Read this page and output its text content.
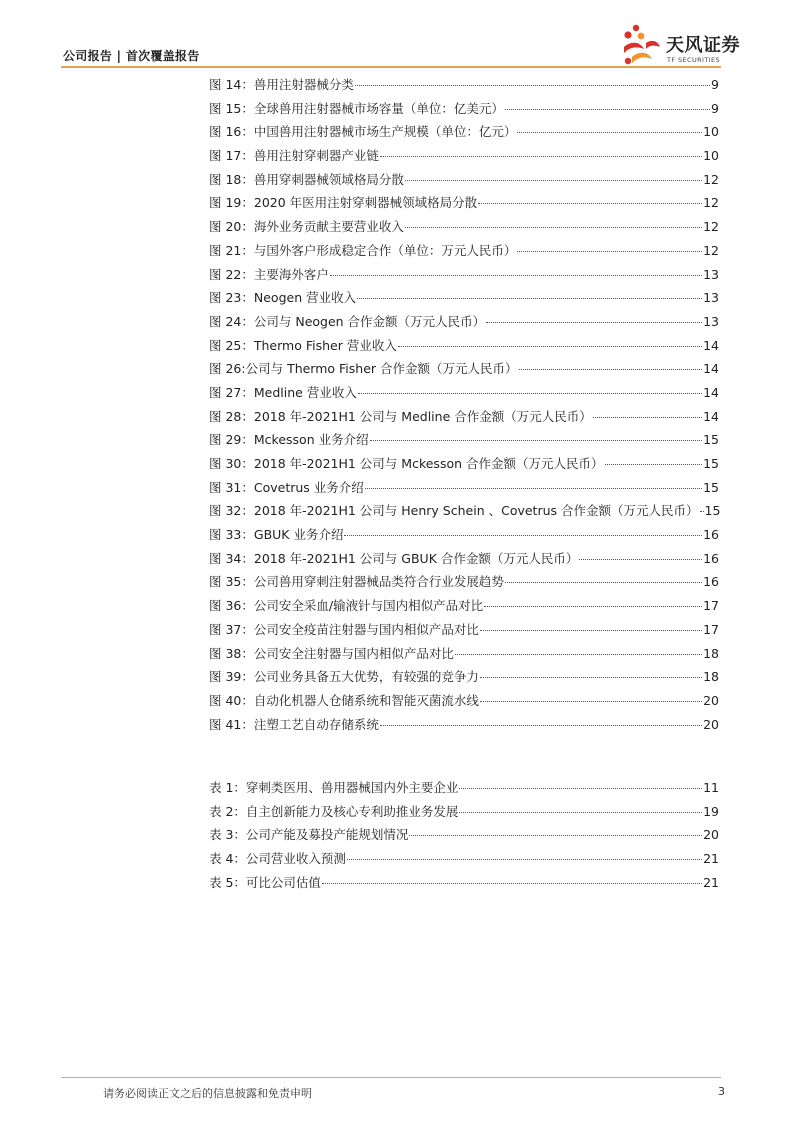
公司报告 | 首次覆盖报告	天风证券
TF SECURITIES
图 14：兽用注射器械分类	9
图 15：全球兽用注射器械市场容量（单位：亿美元）	9
图 16：中国兽用注射器械市场生产规模（单位：亿元）	10
图 17：兽用注射穿刺器产业链	10
图 18：兽用穿刺器械领域格局分散	12
图 19：2020 年医用注射穿刺器械领域格局分散	12
图 20：海外业务贡献主要营业收入	12
图 21：与国外客户形成稳定合作（单位：万元人民币）	12
图 22：主要海外客户	13
图 23：Neogen 营业收入	13
图 24：公司与 Neogen 合作金额（万元人民币）	13
图 25：Thermo Fisher 营业收入	14
图 26:公司与 Thermo Fisher 合作金额（万元人民币）	14
图 27：Medline 营业收入	14
图 28：2018 年-2021H1 公司与 Medline 合作金额（万元人民币）	14
图 29：Mckesson 业务介绍	15
图 30：2018 年-2021H1 公司与 Mckesson 合作金额（万元人民币）	15
图 31：Covetrus 业务介绍	15
图 32：2018 年-2021H1 公司与 Henry Schein 、Covetrus 合作金额（万元人民币） 15
图 33：GBUK 业务介绍	16
图 34：2018 年-2021H1 公司与 GBUK 合作金额（万元人民币）	16
图 35：公司兽用穿刺注射器械品类符合行业发展趋势	16
图 36：公司安全采血/输液针与国内相似产品对比	17
图 37：公司安全疫苗注射器与国内相似产品对比	17
图 38：公司安全注射器与国内相似产品对比	18
图 39：公司业务具备五大优势，有较强的竞争力	18
图 40：自动化机器人仓储系统和智能灭菌流水线	20
图 41：注塑工艺自动存储系统	20
表 1：穿刺类医用、兽用器械国内外主要企业	11
表 2：自主创新能力及核心专利助推业务发展	19
表 3：公司产能及募投产能规划情况	20
表 4：公司营业收入预测	21
表 5：可比公司估值	21
请务必阅读正文之后的信息披露和免责申明	3
